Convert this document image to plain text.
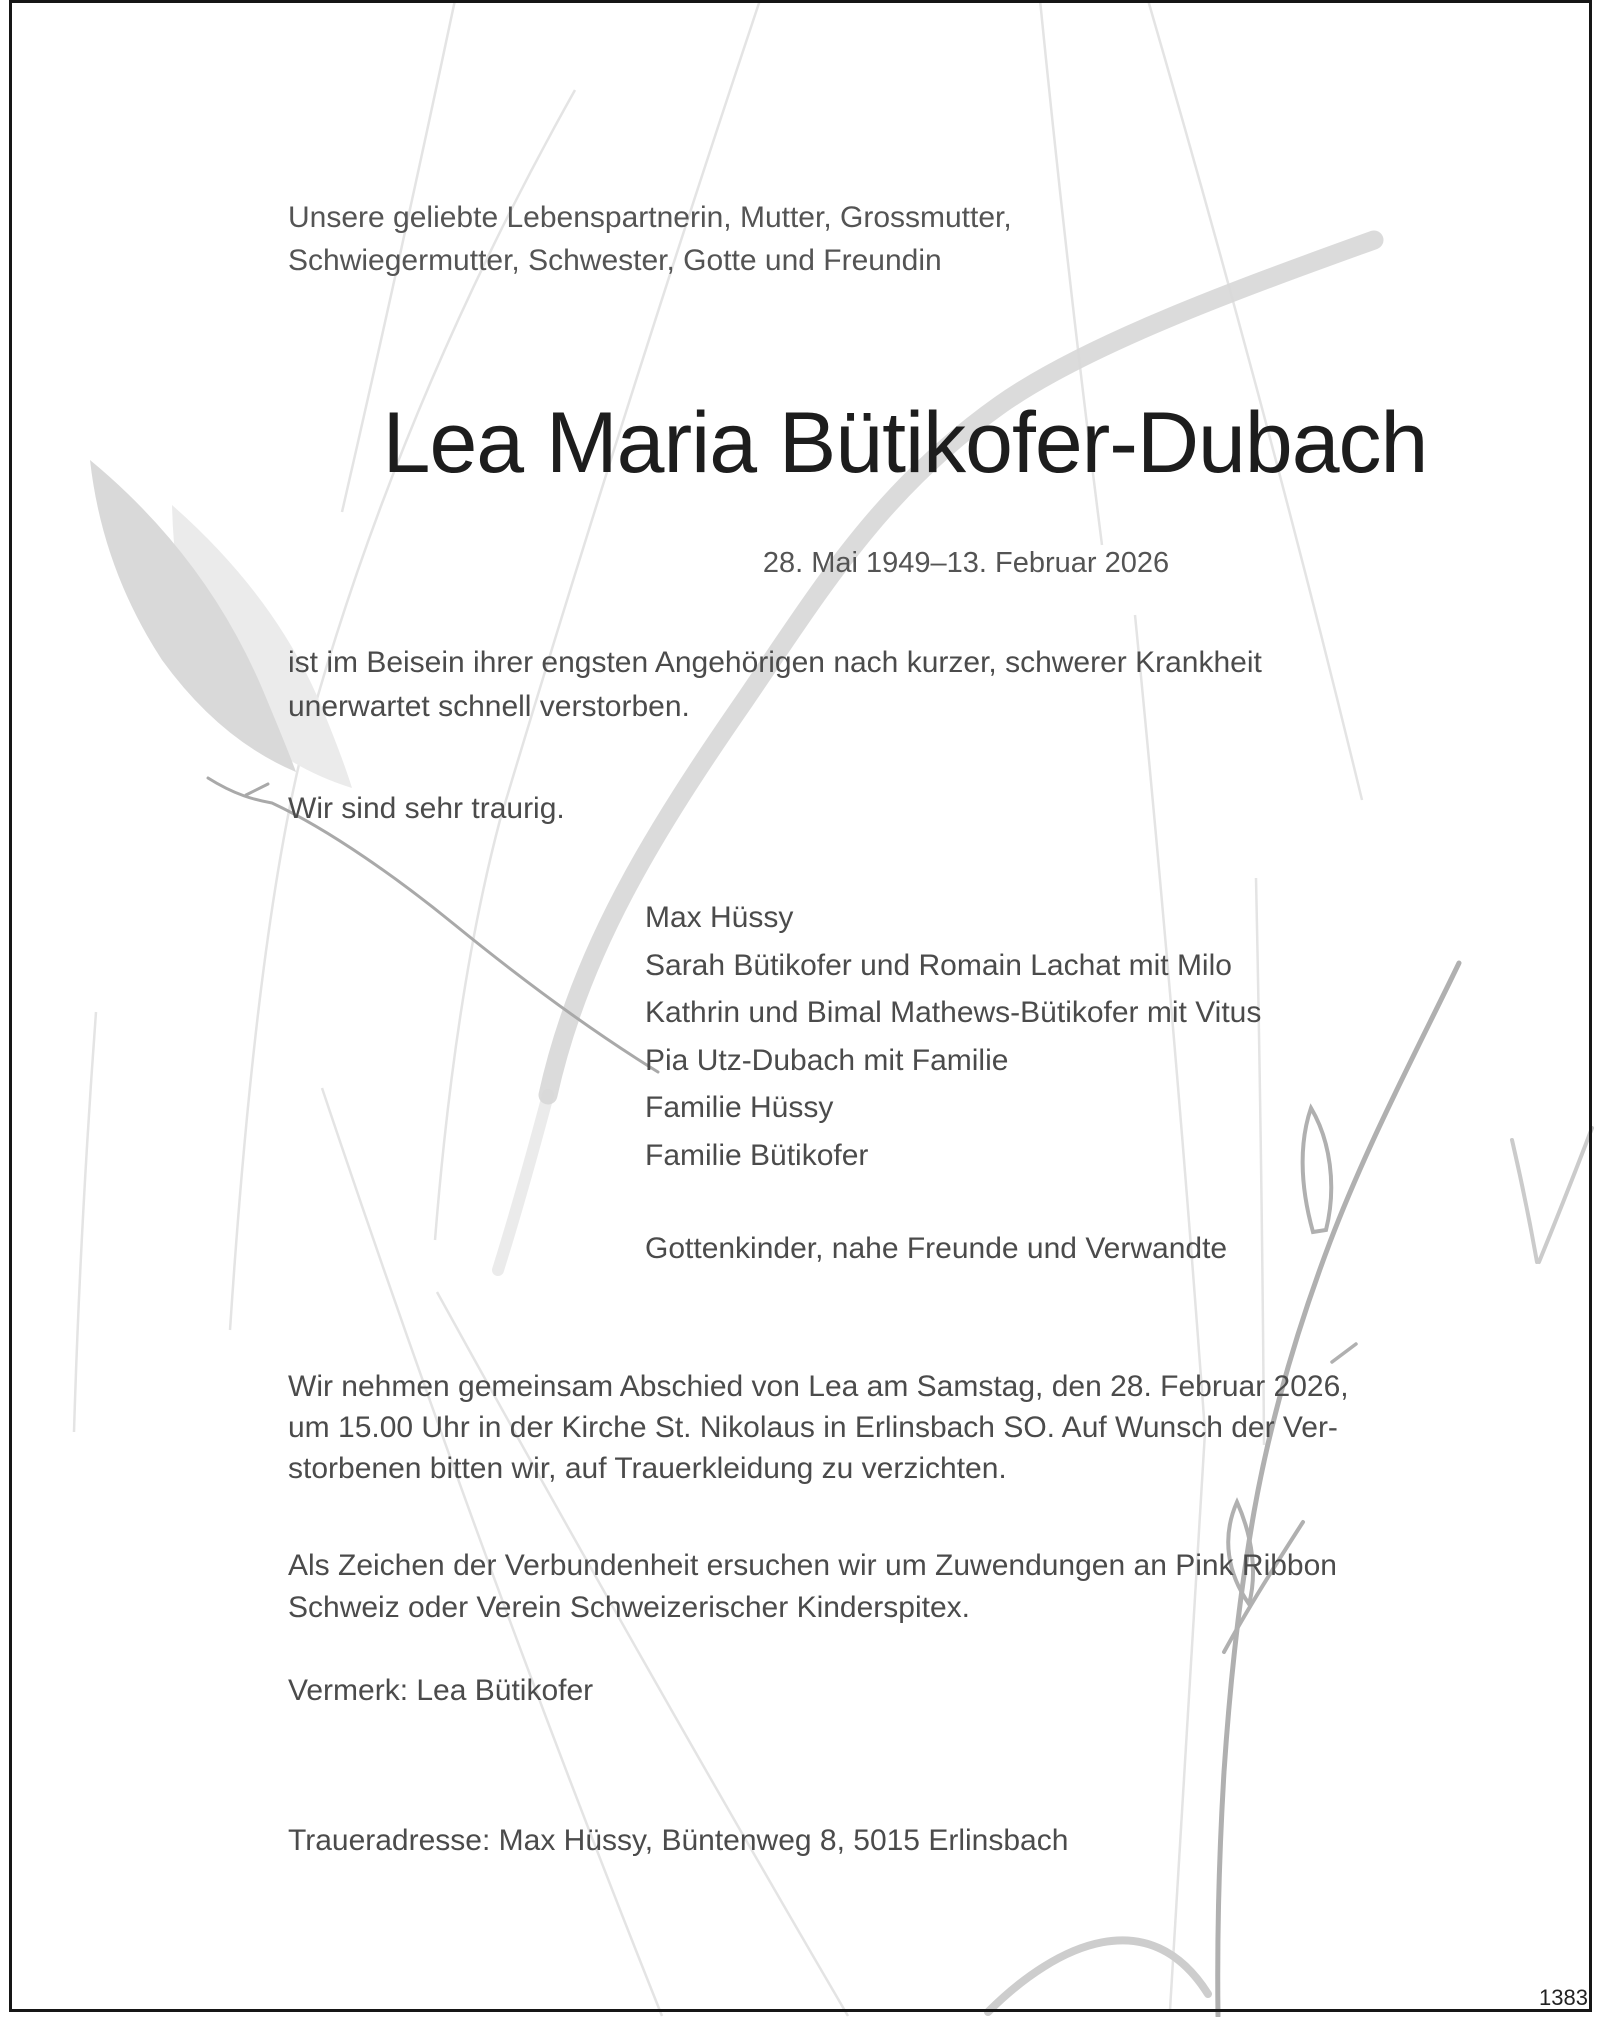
Unsere geliebte Lebenspartnerin, Mutter, Grossmutter,
Schwiegermutter, Schwester, Gotte und Freundin
Lea Maria Bütikofer-Dubach
28. Mai 1949–13. Februar 2026
ist im Beisein ihrer engsten Angehörigen nach kurzer, schwerer Krankheit
unerwartet schnell verstorben.
Wir sind sehr traurig.
Max Hüssy
Sarah Bütikofer und Romain Lachat mit Milo
Kathrin und Bimal Mathews-Bütikofer mit Vitus
Pia Utz-Dubach mit Familie
Familie Hüssy
Familie Bütikofer
Gottenkinder, nahe Freunde und Verwandte
Wir nehmen gemeinsam Abschied von Lea am Samstag, den 28. Februar 2026,
um 15.00 Uhr in der Kirche St. Nikolaus in Erlinsbach SO. Auf Wunsch der Ver-
storbenen bitten wir, auf Trauerkleidung zu verzichten.
Als Zeichen der Verbundenheit ersuchen wir um Zuwendungen an Pink Ribbon
Schweiz oder Verein Schweizerischer Kinderspitex.
Vermerk: Lea Bütikofer
Traueradresse: Max Hüssy, Büntenweg 8, 5015 Erlinsbach
1383
